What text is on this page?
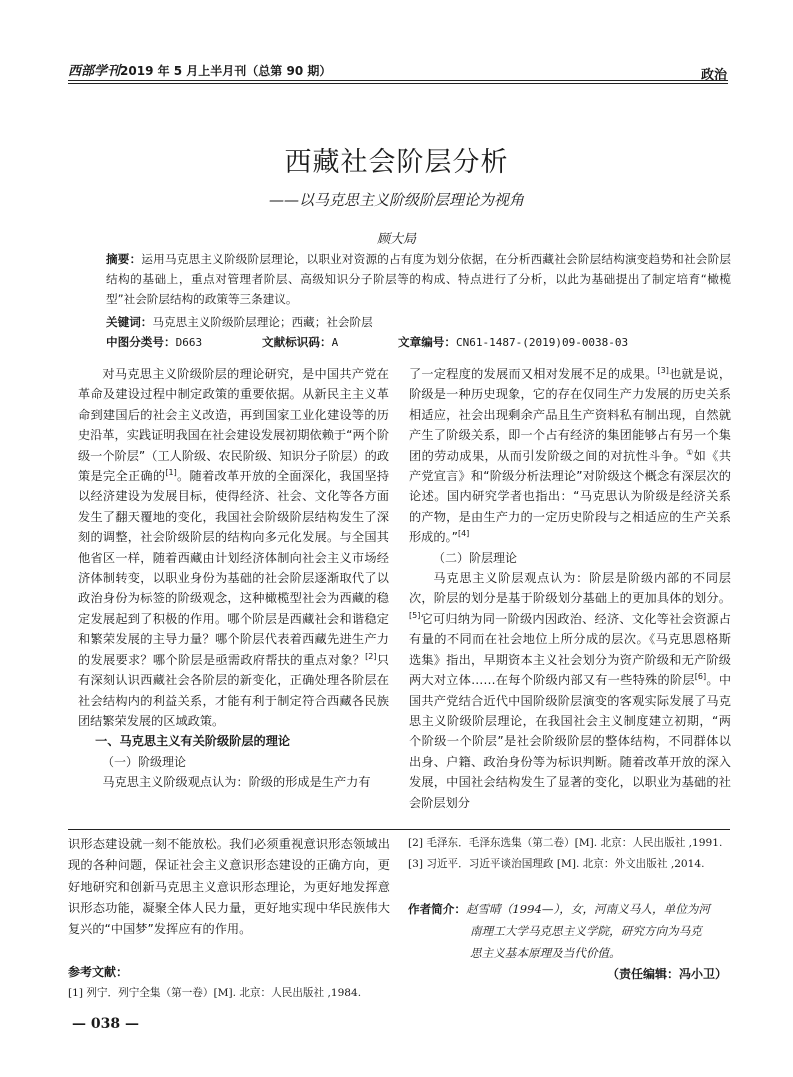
西部学刊2019 年 5 月上半月刊（总第 90 期）	政治
西藏社会阶层分析
——以马克思主义阶级阶层理论为视角
顾大局
摘要：运用马克思主义阶级阶层理论，以职业对资源的占有度为划分依据，在分析西藏社会阶层结构演变趋势和社会阶层结构的基础上，重点对管理者阶层、高级知识分子阶层等的构成、特点进行了分析，以此为基础提出了制定培育“橄榄型”社会阶层结构的政策等三条建议。
关键词：马克思主义阶级阶层理论；西藏；社会阶层
中图分类号：D663	文献标识码：A	文章编号：CN61-1487-(2019)09-0038-03

对马克思主义阶级阶层的理论研究，是中国共产党在革命及建设过程中制定政策的重要依据。从新民主主义革命到建国后的社会主义改造，再到国家工业化建设等的历史沿革，实践证明我国在社会建设发展初期依赖于“两个阶级一个阶层”（工人阶级、农民阶级、知识分子阶层）的政策是完全正确的[1]。随着改革开放的全面深化，我国坚持以经济建设为发展目标，使得经济、社会、文化等各方面发生了翻天覆地的变化，我国社会阶级阶层结构发生了深刻的调整，社会阶级阶层的结构向多元化发展。与全国其他省区一样，随着西藏由计划经济体制向社会主义市场经济体制转变，以职业身份为基础的社会阶层逐渐取代了以政治身份为标签的阶级观念，这种橄榄型社会为西藏的稳定发展起到了积极的作用。哪个阶层是西藏社会和谐稳定和繁荣发展的主导力量？哪个阶层代表着西藏先进生产力的发展要求？哪个阶层是亟需政府帮扶的重点对象？[2]只有深刻认识西藏社会各阶层的新变化，正确处理各阶层在社会结构内的利益关系，才能有利于制定符合西藏各民族团结繁荣发展的区域政策。

一、马克思主义有关阶级阶层的理论
（一）阶级理论

马克思主义阶级观点认为：阶级的形成是生产力有

了一定程度的发展而又相对发展不足的成果。[3]也就是说，阶级是一种历史现象，它的存在仅同生产力发展的历史关系相适应，社会出现剩余产品且生产资料私有制出现，自然就产生了阶级关系，即一个占有经济的集团能够占有另一个集团的劳动成果，从而引发阶级之间的对抗性斗争。①如《共产党宣言》和“阶级分析法理论”对阶级这个概念有深层次的论述。国内研究学者也指出：“马克思认为阶级是经济关系的产物，是由生产力的一定历史阶段与之相适应的生产关系形成的。”[4]

（二）阶层理论

马克思主义阶层观点认为：阶层是阶级内部的不同层次，阶层的划分是基于阶级划分基础上的更加具体的划分。[5]它可归纳为同一阶级内因政治、经济、文化等社会资源占有量的不同而在社会地位上所分成的层次。《马克思恩格斯选集》指出，早期资本主义社会划分为资产阶级和无产阶级两大对立体……在每个阶级内部又有一些特殊的阶层[6]。中国共产党结合近代中国阶级阶层演变的客观实际发展了马克思主义阶级阶层理论，在我国社会主义制度建立初期，“两个阶级一个阶层”是社会阶级阶层的整体结构，不同群体以出身、户籍、政治身份等为标识判断。随着改革开放的深入发展，中国社会结构发生了显著的变化，以职业为基础的社会阶层划分

识形态建设就一刻不能放松。我们必须重视意识形态领域出现的各种问题，保证社会主义意识形态建设的正确方向，更好地研究和创新马克思主义意识形态理论，为更好地发挥意识形态功能，凝聚全体人民力量，更好地实现中华民族伟大复兴的“中国梦”发挥应有的作用。
参考文献：
[1] 列宁．列宁全集（第一卷）[M]. 北京：人民出版社 ,1984.
[2] 毛泽东．毛泽东选集（第二卷）[M]. 北京：人民出版社 ,1991.
[3] 习近平．习近平谈治国理政 [M]. 北京：外文出版社 ,2014.
作者简介：赵雪晴（1994—），女，河南义马人，单位为河
南理工大学马克思主义学院，研究方向为马克
思主义基本原理及当代价值。
（责任编辑：冯小卫）
— 038 —
